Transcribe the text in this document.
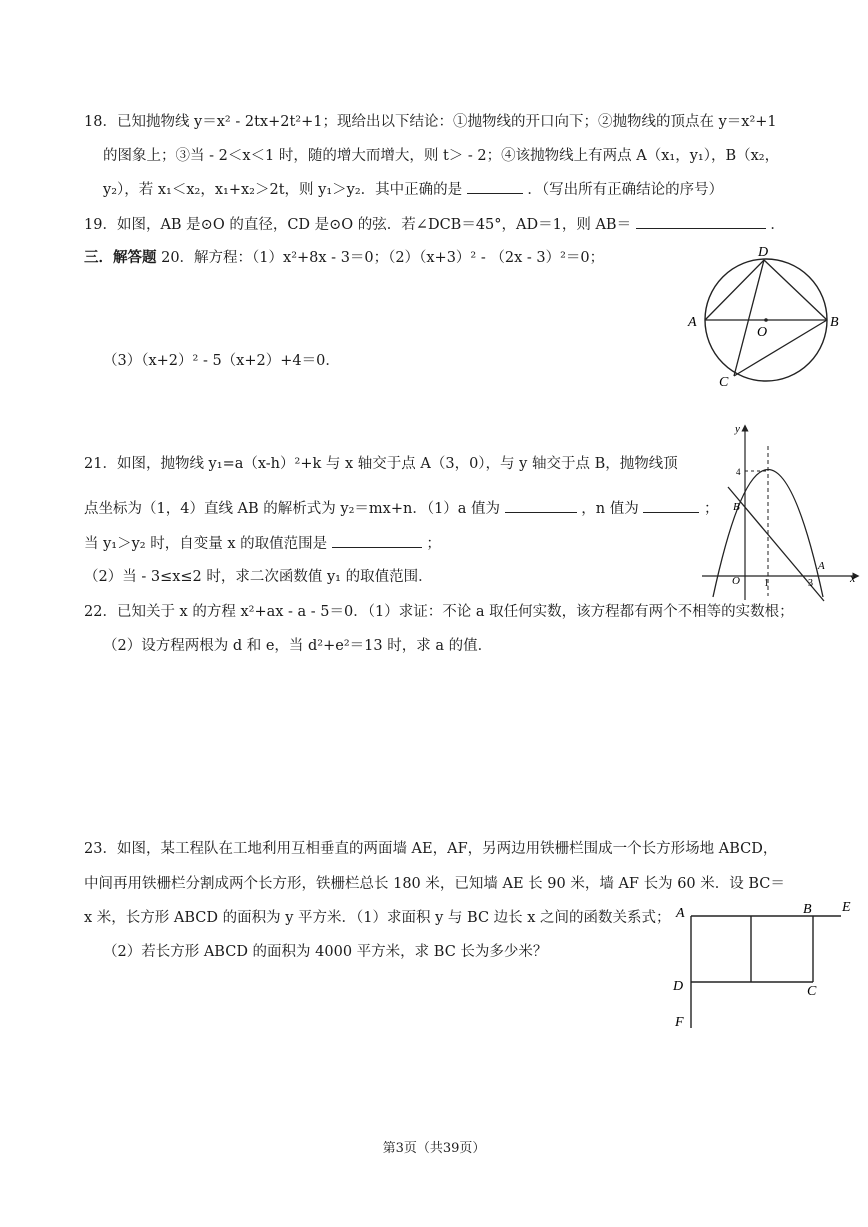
18．已知抛物线 y＝x² ‑ 2tx+2t²+1；现给出以下结论：①抛物线的开口向下；②抛物线的顶点在 y＝x²+1
的图象上；③当 ‑ 2＜x＜1 时，随的增大而增大，则 t＞ ‑ 2；④该抛物线上有两点 A（x₁，y₁），B（x₂，
y₂），若 x₁＜x₂，x₁+x₂＞2t，则 y₁＞y₂．其中正确的是	．（写出所有正确结论的序号）
19．如图，AB 是⊙O 的直径，CD 是⊙O 的弦．若∠DCB＝45°，AD＝1，则 AB＝	．
三．解答题 20．解方程：（1）x²+8x ‑ 3＝0；（2）（x+3）² ‑ （2x ‑ 3）²＝0；
（3）（x+2）² ‑ 5（x+2）+4＝0．
D
A	B
O
C
21．如图，抛物线 y₁=a（x-h）²+k 与 x 轴交于点 A（3，0），与 y 轴交于点 B，抛物线顶
点坐标为（1，4）直线 AB 的解析式为 y₂＝mx+n．（1）a 值为	，n 值为	；
当 y₁＞y₂ 时，自变量 x 的取值范围是	；
（2）当 ‑ 3≤x≤2 时，求二次函数值 y₁ 的取值范围．
y
x
O 1	3
4
B
A
22．已知关于 x 的方程 x²+ax ‑ a ‑ 5＝0．（1）求证：不论 a 取任何实数，该方程都有两个不相等的实数根；
（2）设方程两根为 d 和 e，当 d²+e²＝13 时，求 a 的值．
23．如图，某工程队在工地利用互相垂直的两面墙 AE，AF，另两边用铁栅栏围成一个长方形场地 ABCD，
中间再用铁栅栏分割成两个长方形，铁栅栏总长 180 米，已知墙 AE 长 90 米，墙 AF 长为 60 米．设 BC＝
x 米，长方形 ABCD 的面积为 y 平方米．（1）求面积 y 与 BC 边长 x 之间的函数关系式；
（2）若长方形 ABCD 的面积为 4000 平方米，求 BC 长为多少米？
A	B E
D	C
F
第3页（共39页）
